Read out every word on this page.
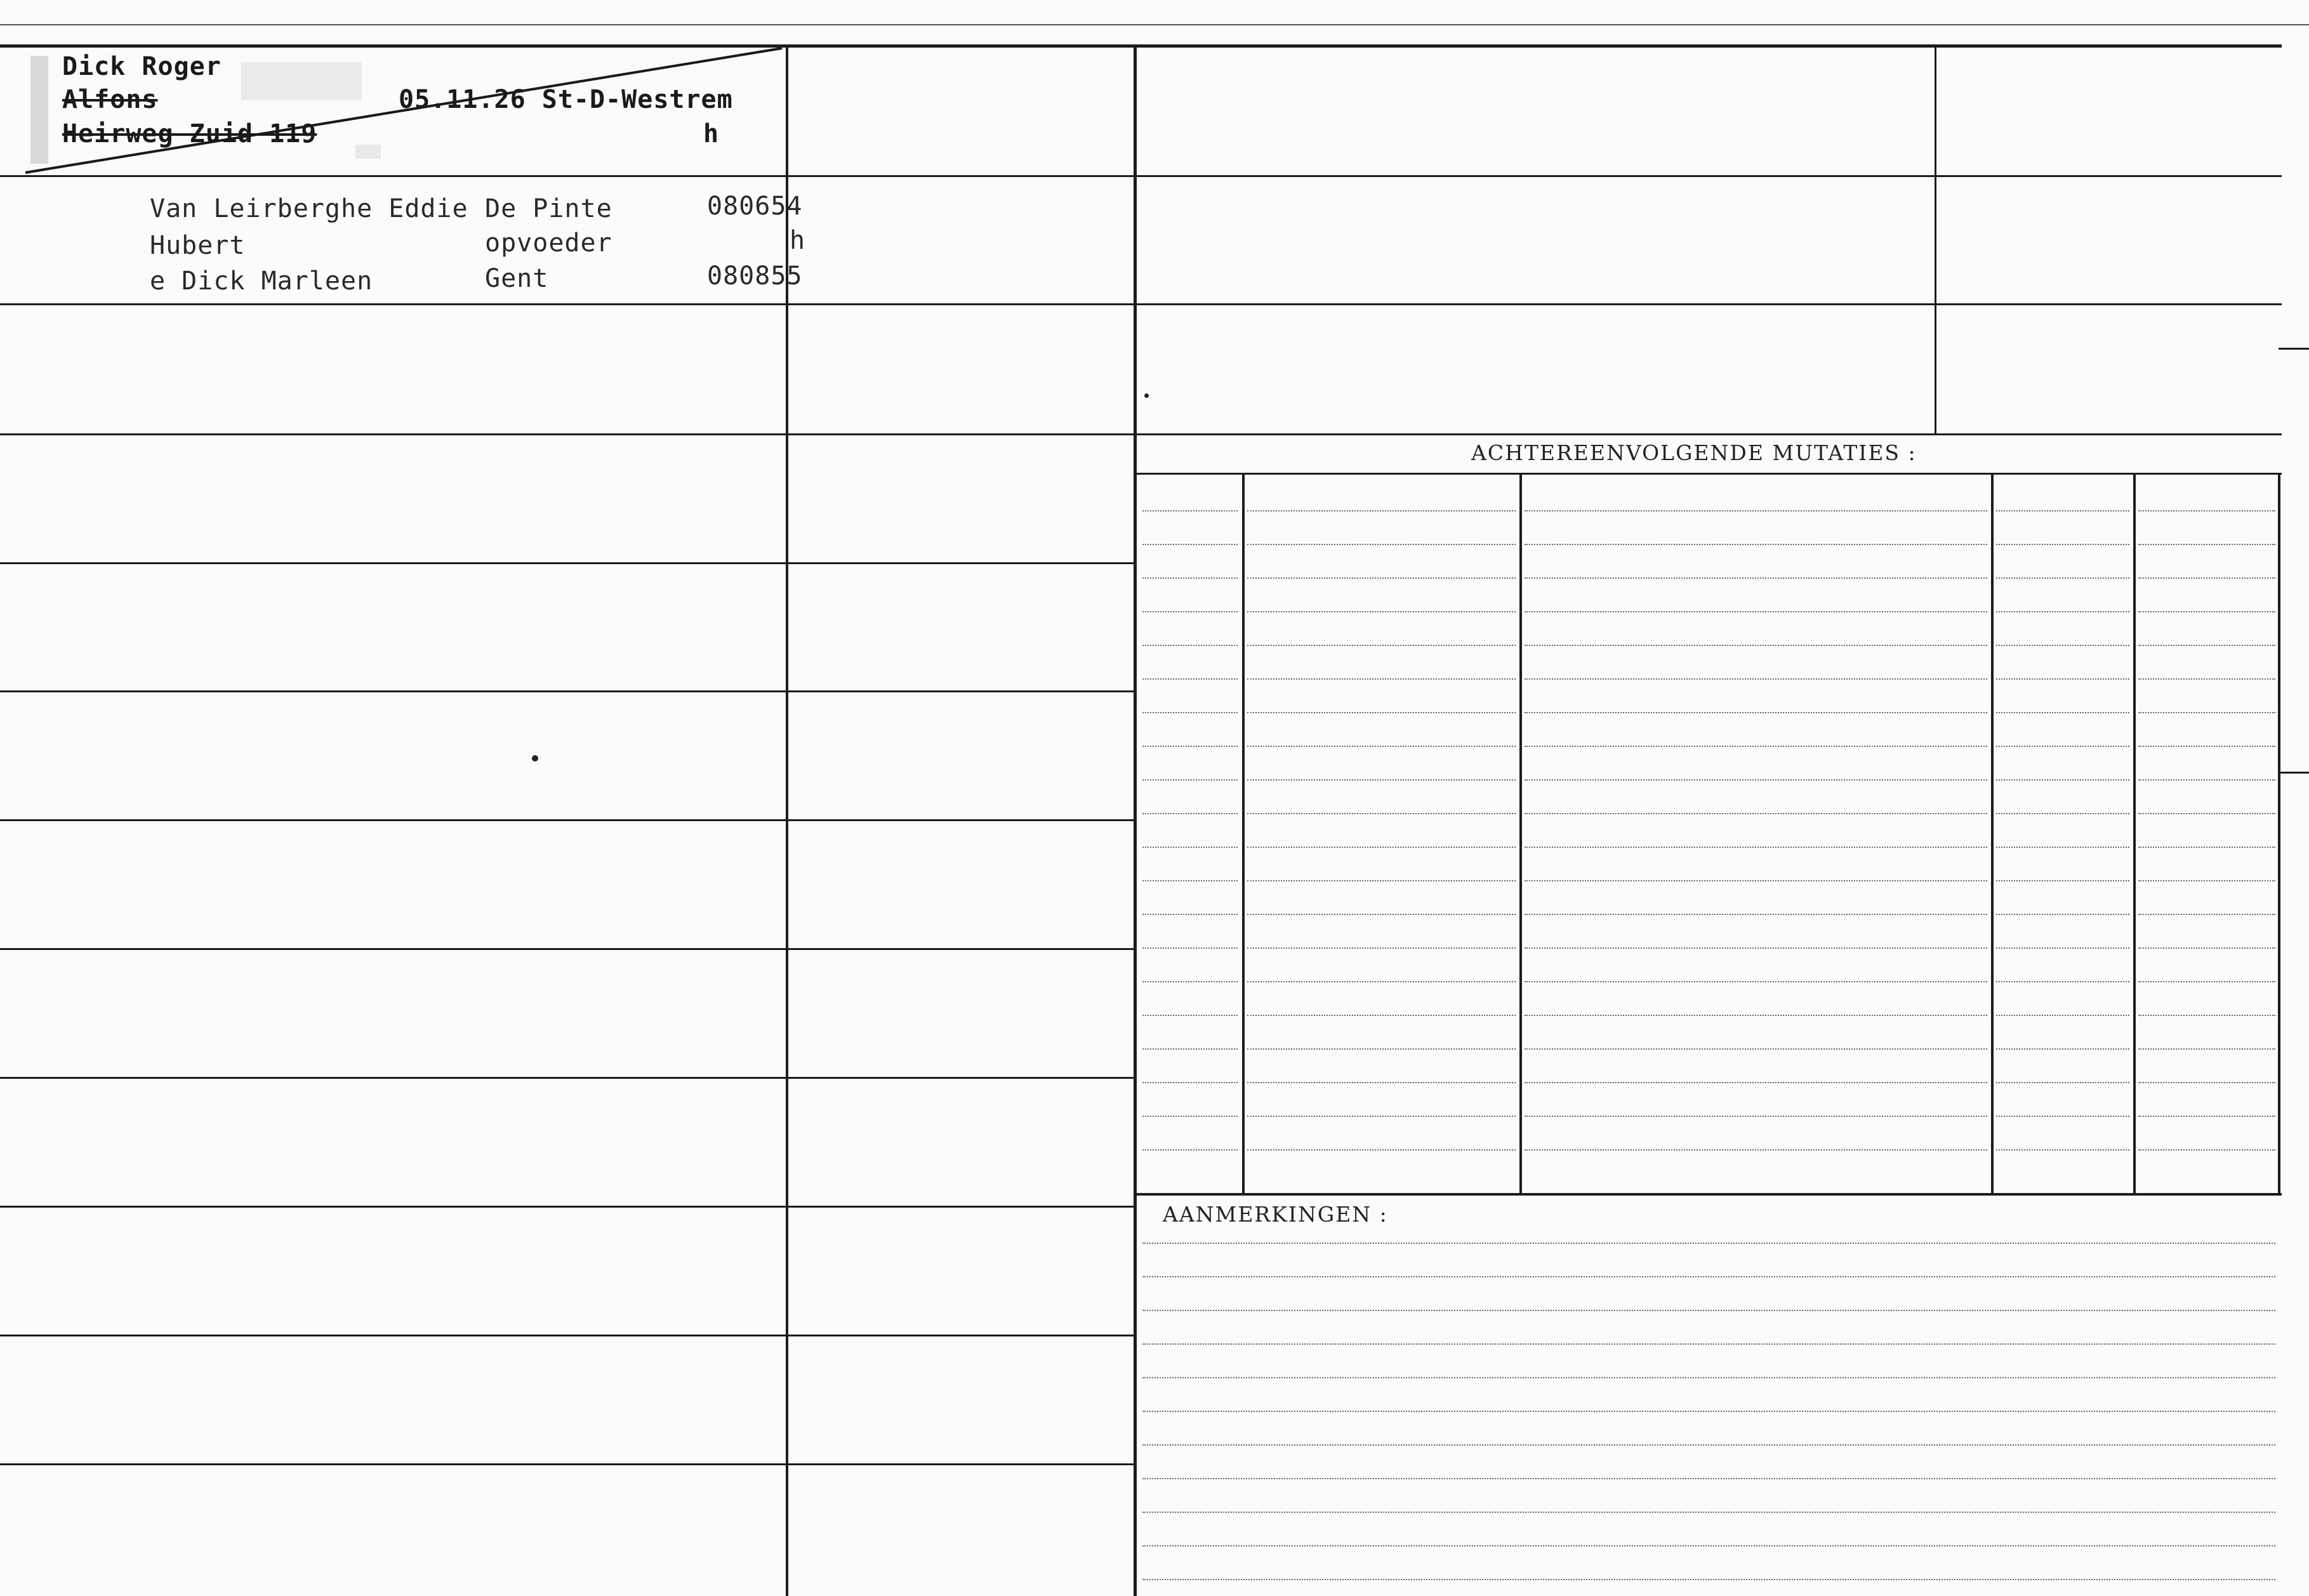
ACHTEREENVOLGENDE MUTATIES :
AANMERKINGEN :
Dick Roger
Alfons
Heirweg Zuid 119
05.11.26 St-D-Westrem
h
Van Leirberghe Eddie
Hubert
e Dick Marleen
De Pinte
opvoeder
Gent
080654
h
080855
